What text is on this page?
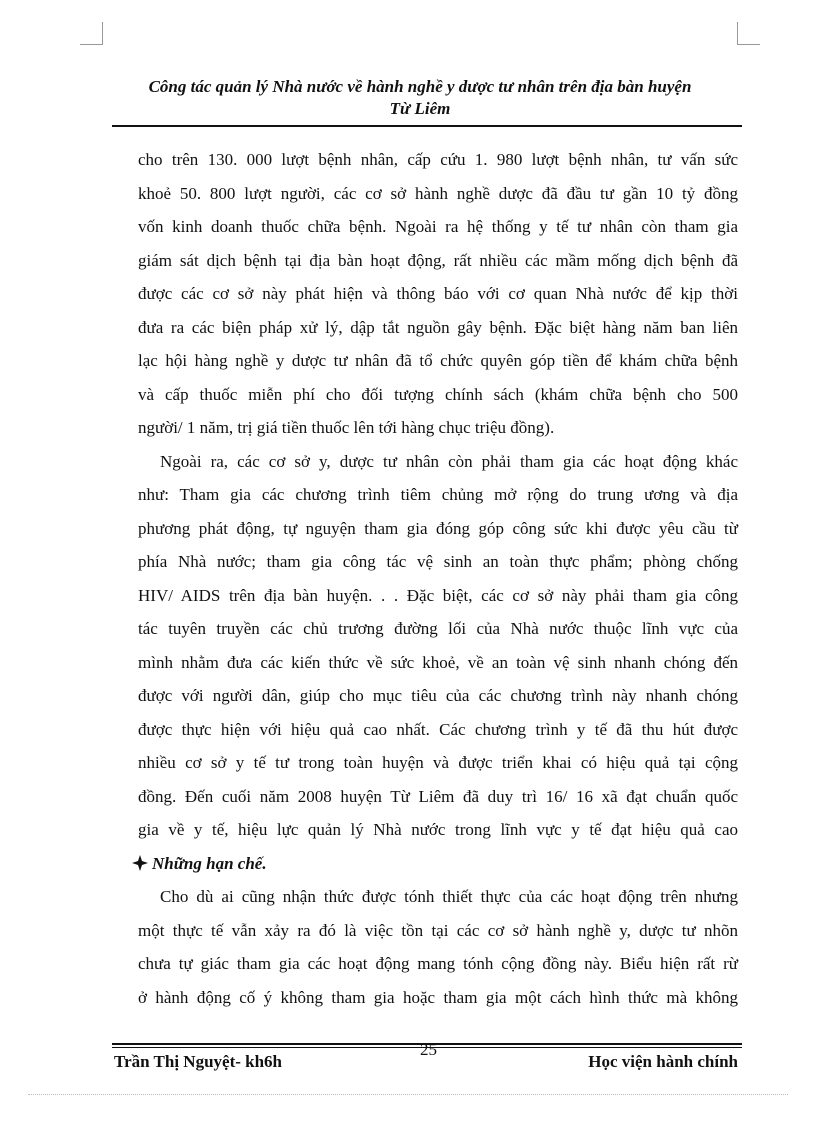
Công tác quản lý Nhà nước về hành nghề y dược tư nhân trên địa bàn huyện
Từ Liêm
cho trên 130. 000 lượt bệnh nhân, cấp cứu 1. 980 lượt bệnh nhân, tư vấn sức
khoẻ 50. 800 lượt người, các cơ sở hành nghề dược đã đầu tư gần 10 tỷ đồng
vốn kinh doanh thuốc chữa bệnh. Ngoài ra hệ thống y tế tư nhân còn tham gia
giám sát dịch bệnh tại địa bàn hoạt động, rất nhiều các mầm mống dịch bệnh đã
được các cơ sở này phát hiện và thông báo với cơ quan Nhà nước để kịp thời
đưa ra các biện pháp xử lý, dập tắt nguồn gây bệnh. Đặc biệt hàng năm ban liên
lạc hội hàng nghề y dược tư nhân đã tổ chức quyên góp tiền để khám chữa bệnh
và cấp thuốc miễn phí cho đối tượng chính sách (khám chữa bệnh cho 500
người/ 1 năm, trị giá tiền thuốc lên tới hàng chục triệu đồng).
Ngoài ra, các cơ sở y, dược tư nhân còn phải tham gia các hoạt động khác
như: Tham gia các chương trình tiêm chủng mở rộng do trung ương và địa
phương phát động, tự nguyện tham gia đóng góp công sức khi được yêu cầu từ
phía Nhà nước; tham gia công tác vệ sinh an toàn thực phẩm; phòng chống
HIV/ AIDS trên địa bàn huyện. . . Đặc biệt, các cơ sở này phải tham gia công
tác tuyên truyền các chủ trương đường lối của Nhà nước thuộc lĩnh vực của
mình nhằm đưa các kiến thức về sức khoẻ, về an toàn vệ sinh nhanh chóng đến
được với người dân, giúp cho mục tiêu của các chương trình này nhanh chóng
được thực hiện với hiệu quả cao nhất. Các chương trình y tế đã thu hút được
nhiều cơ sở y tế tư trong toàn huyện và được triển khai có hiệu quả tại cộng
đồng. Đến cuối năm 2008 huyện Từ Liêm đã duy trì 16/ 16 xã đạt chuẩn quốc
gia về y tế, hiệu lực quản lý Nhà nước trong lĩnh vực y tế đạt hiệu quả cao
Những hạn chế.
Cho dù ai cũng nhận thức được tónh thiết thực của các hoạt động trên nhưng
một thực tế vẫn xảy ra đó là việc tồn tại các cơ sở hành nghề y, dược tư nhõn
chưa tự giác tham gia các hoạt động mang tónh cộng đồng này. Biểu hiện rất rừ
ở hành động cố ý không tham gia hoặc tham gia một cách hình thức mà không
25
Trần Thị Nguyệt- kh6h	Học viện hành chính
